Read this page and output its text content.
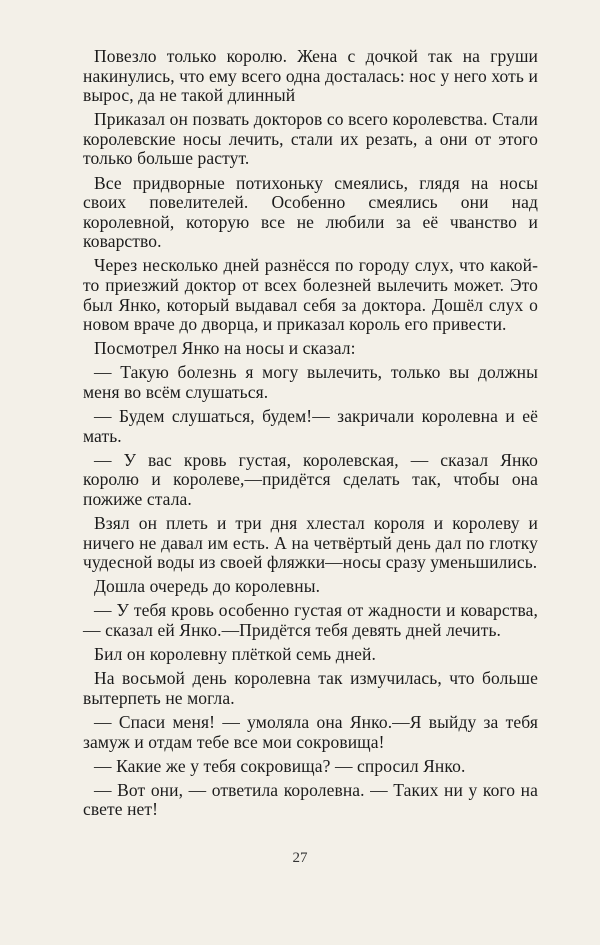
Повезло только королю. Жена с дочкой так на груши накинулись, что ему всего одна досталась: нос у него хоть и вырос, да не такой длинный

Приказал он позвать докторов со всего королевства. Стали королевские носы лечить, стали их резать, а они от этого только больше растут.

Все придворные потихоньку смеялись, глядя на носы своих повелителей. Особенно смеялись они над королевной, которую все не любили за её чванство и коварство.

Через несколько дней разнёсся по городу слух, что какой-то приезжий доктор от всех болезней вылечить может. Это был Янко, который выдавал себя за доктора. Дошёл слух о новом враче до дворца, и приказал король его привести.

Посмотрел Янко на носы и сказал:

— Такую болезнь я могу вылечить, только вы должны меня во всём слушаться.

— Будем слушаться, будем!— закричали королевна и её мать.

— У вас кровь густая, королевская, — сказал Янко королю и королеве,—придётся сделать так, чтобы она пожиже стала.

Взял он плеть и три дня хлестал короля и королеву и ничего не давал им есть. А на четвёртый день дал по глотку чудесной воды из своей фляжки—носы сразу уменьшились.

Дошла очередь до королевны.

— У тебя кровь особенно густая от жадности и коварства, — сказал ей Янко.—Придётся тебя девять дней лечить.

Бил он королевну плёткой семь дней.

На восьмой день королевна так измучилась, что больше вытерпеть не могла.

— Спаси меня! — умоляла она Янко.—Я выйду за тебя замуж и отдам тебе все мои сокровища!

— Какие же у тебя сокровища? — спросил Янко.

— Вот они, — ответила королевна. — Таких ни у кого на свете нет!

27
